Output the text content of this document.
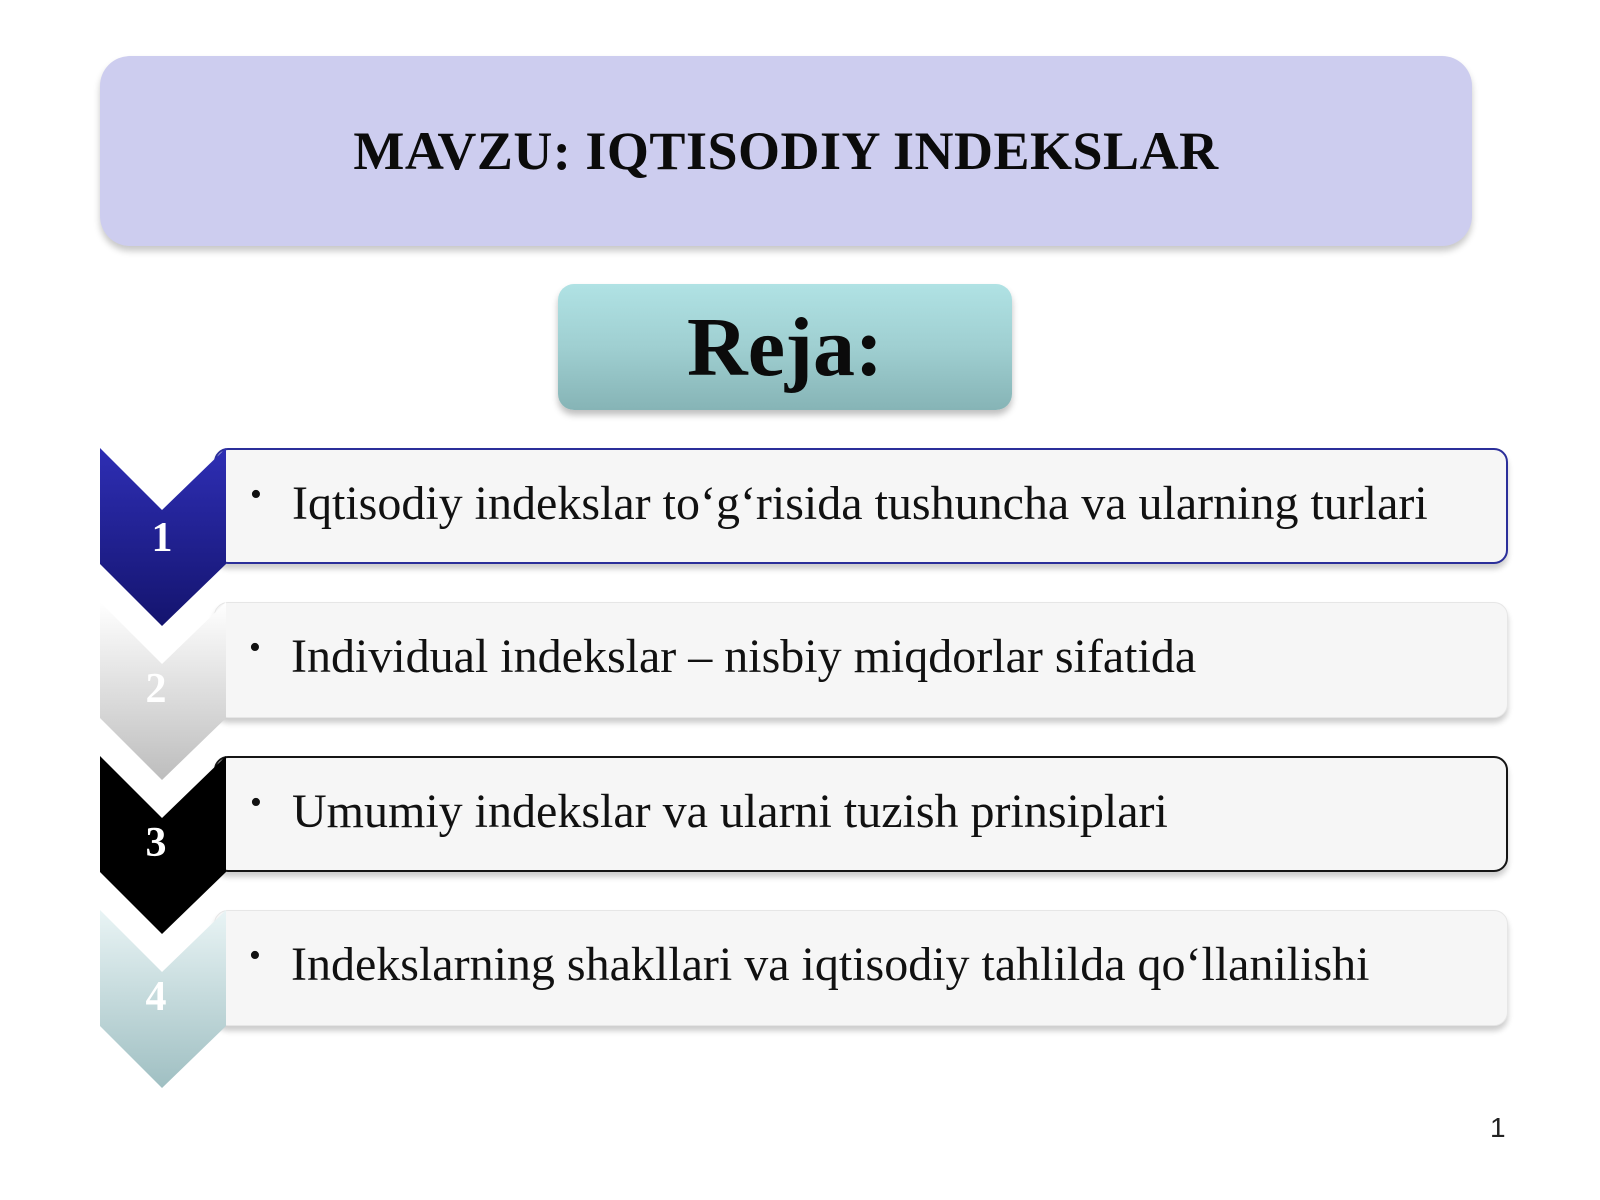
MAVZU: IQTISODIY INDEKSLAR
Reja:
• Iqtisodiy indekslar to‘g‘risida tushuncha va ularning turlari
1
• Individual indekslar – nisbiy miqdorlar sifatida
2
• Umumiy indekslar va ularni tuzish prinsiplari
3
• Indekslarning shakllari va iqtisodiy tahlilda qo‘llanilishi
4
1
